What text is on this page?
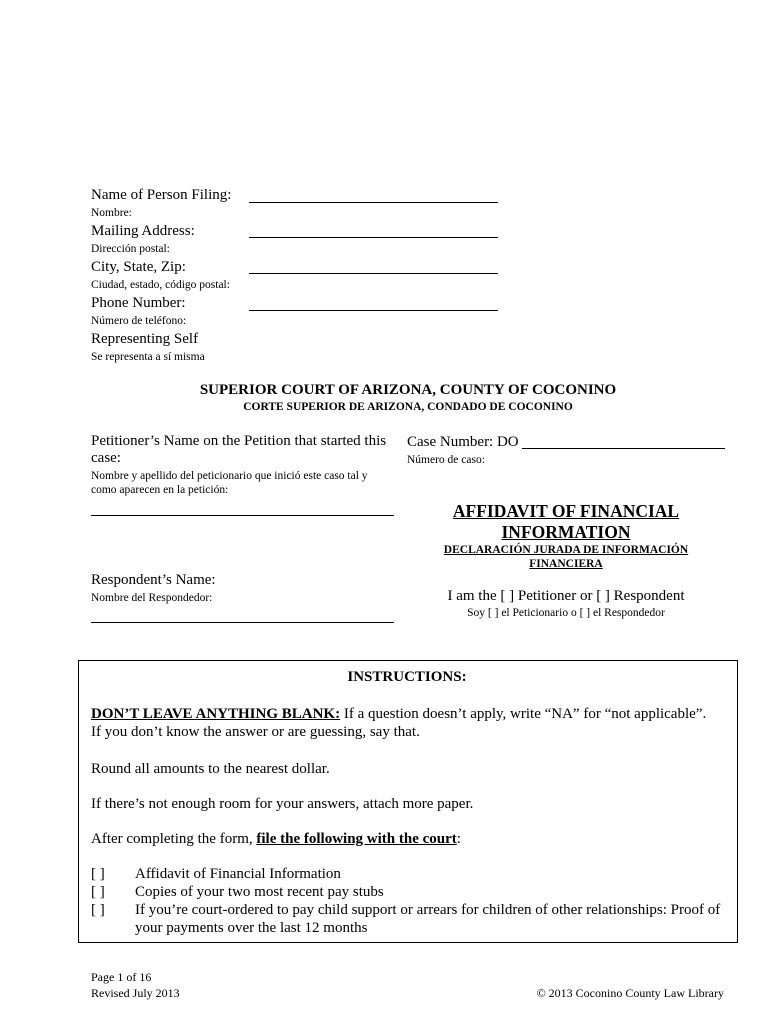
Name of Person Filing:
Nombre:
Mailing Address:
Dirección postal:
City, State, Zip:
Ciudad, estado, código postal:
Phone Number:
Número de teléfono:
Representing Self
Se representa a sí misma
SUPERIOR COURT OF ARIZONA, COUNTY OF COCONINO
CORTE SUPERIOR DE ARIZONA, CONDADO DE COCONINO
Petitioner’s Name on the Petition that started this
case:
Nombre y apellido del peticionario que inició este caso tal y
como aparecen en la petición:
Respondent’s Name:
Nombre del Respondedor:
Case Number: DO
Número de caso:
AFFIDAVIT OF FINANCIAL
INFORMATION
DECLARACIÓN JURADA DE INFORMACIÓN
FINANCIERA
I am the [ ] Petitioner or [ ] Respondent
Soy [ ] el Peticionario o [ ] el Respondedor
INSTRUCTIONS:
DON’T LEAVE ANYTHING BLANK: If a question doesn’t apply, write “NA” for “not applicable”.
If you don’t know the answer or are guessing, say that.
Round all amounts to the nearest dollar.
If there’s not enough room for your answers, attach more paper.
After completing the form, file the following with the court:
[ ] Affidavit of Financial Information
[ ] Copies of your two most recent pay stubs
[ ] If you’re court-ordered to pay child support or arrears for children of other relationships: Proof of your payments over the last 12 months
Page 1 of 16
Revised July 2013	© 2013 Coconino County Law Library
